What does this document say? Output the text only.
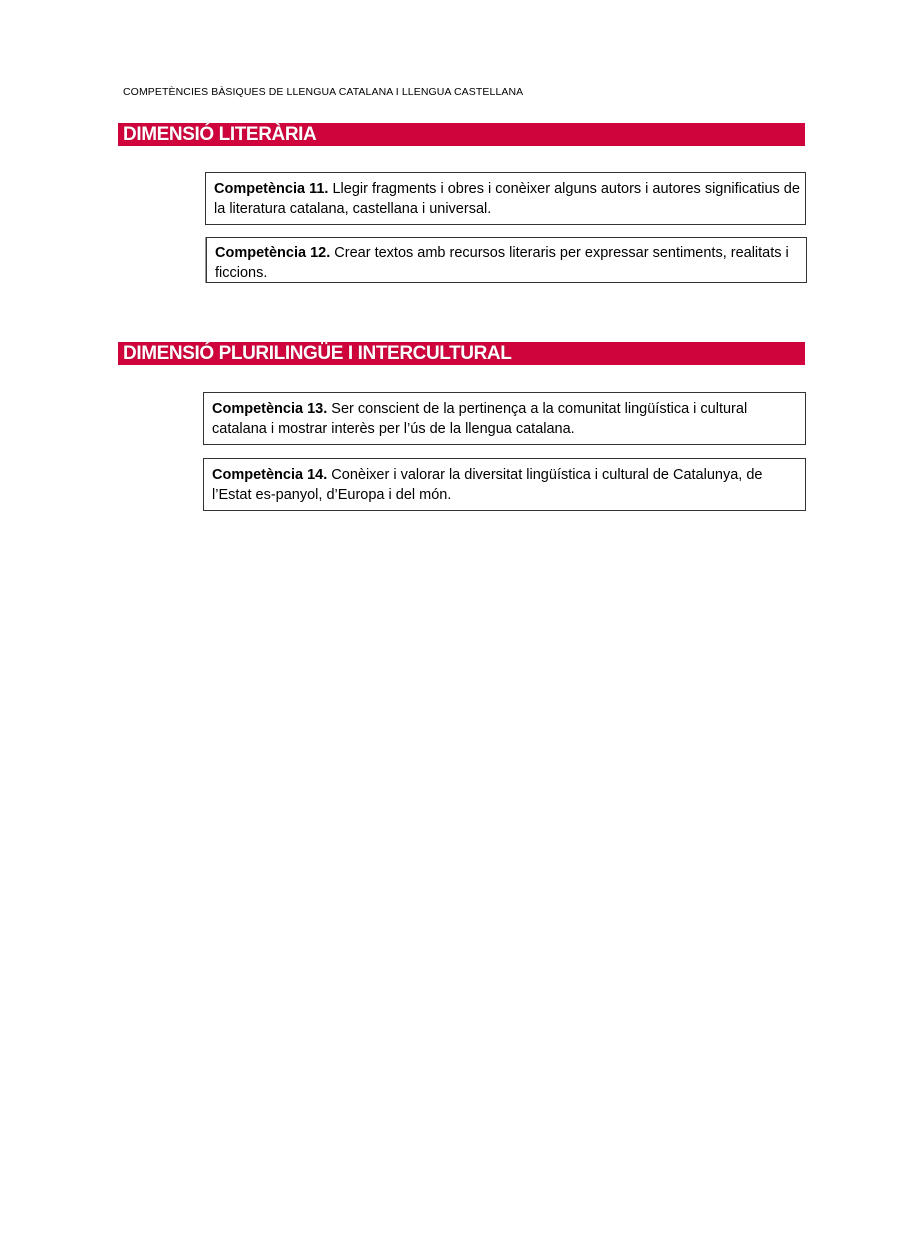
COMPETÈNCIES BÀSIQUES DE LLENGUA CATALANA I LLENGUA CASTELLANA
DIMENSIÓ LITERÀRIA
Competència 11. Llegir fragments i obres i conèixer alguns autors i autores significatius de la literatura catalana, castellana i universal.
Competència 12. Crear textos amb recursos literaris per expressar sentiments, realitats i ficcions.
DIMENSIÓ PLURILINGÜE I INTERCULTURAL
Competència 13. Ser conscient de la pertinença a la comunitat lingüística i cultural catalana i mostrar interès per l’ús de la llengua catalana.
Competència 14. Conèixer i valorar la diversitat lingüística i cultural de Catalunya, de l’Estat es-panyol, d’Europa i del món.
